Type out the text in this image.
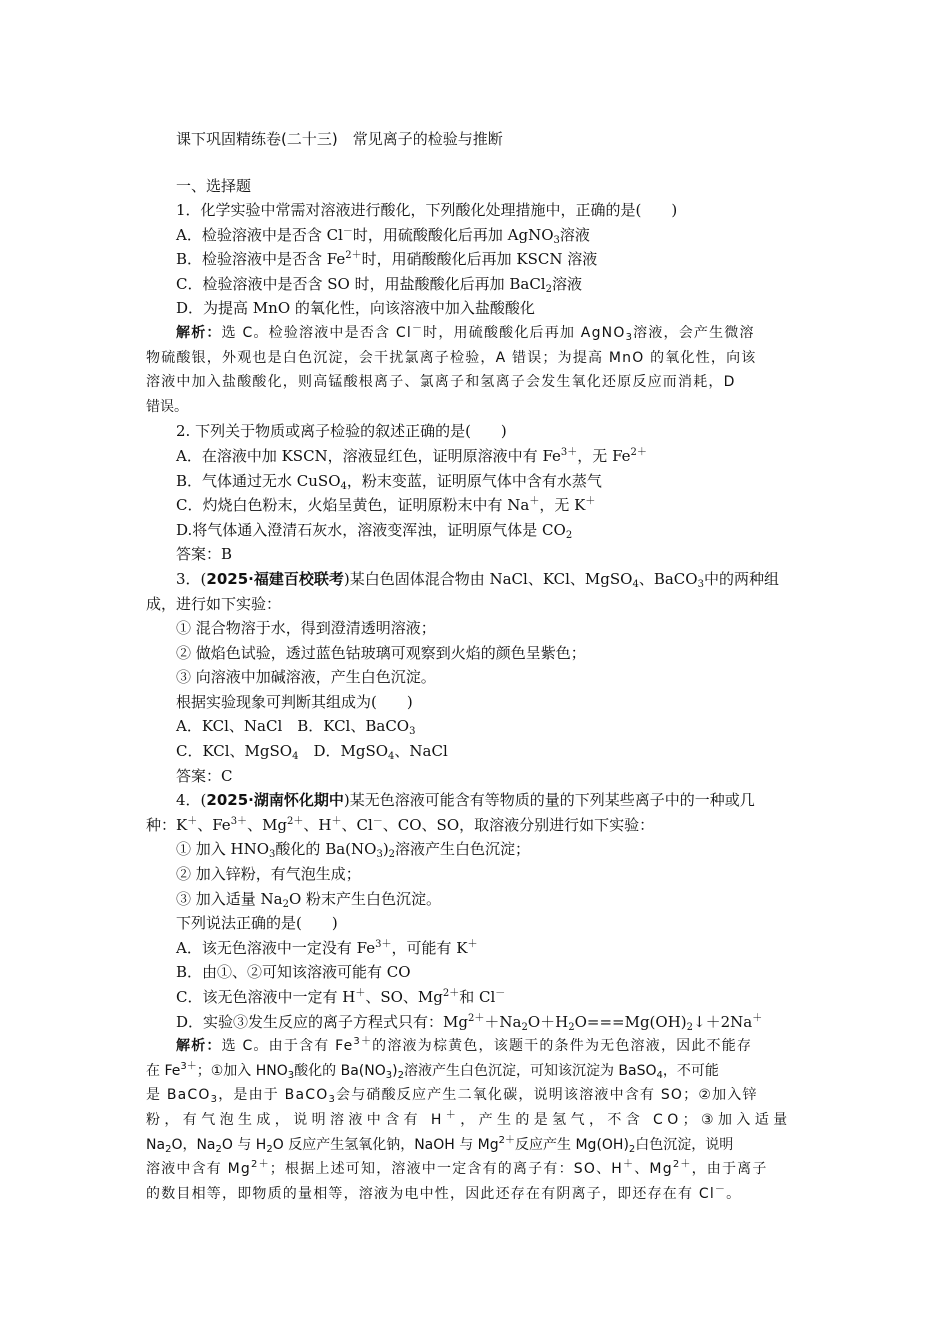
课下巩固精练卷(二十三)　常见离子的检验与推断
一、选择题
1．化学实验中常需对溶液进行酸化，下列酸化处理措施中，正确的是(　　)
A．检验溶液中是否含 Cl－时，用硫酸酸化后再加 AgNO$_3$溶液
B．检验溶液中是否含 $Fe^{2+}$时，用硝酸酸化后再加 KSCN 溶液
C．检验溶液中是否含 SO 时，用盐酸酸化后再加 BaCl$_2$溶液
D．为提高 MnO 的氧化性，向该溶液中加入盐酸酸化
解析：选 C。检验溶液中是否含 Cl－时，用硫酸酸化后再加 AgNO$_3$溶液，会产生微溶
物硫酸银，外观也是白色沉淀，会干扰氯离子检验，A 错误；为提高 MnO 的氧化性，向该
溶液中加入盐酸酸化，则高锰酸根离子、氯离子和氢离子会发生氧化还原反应而消耗，D
错误。
2. 下列关于物质或离子检验的叙述正确的是(　　)
A．在溶液中加 KSCN，溶液显红色，证明原溶液中有 $Fe^{3+}$，无 $Fe^{2+}$
B．气体通过无水 CuSO$_4$，粉末变蓝，证明原气体中含有水蒸气
C．灼烧白色粉末，火焰呈黄色，证明原粉末中有 Na＋，无 K＋
D.将气体通入澄清石灰水，溶液变浑浊，证明原气体是 $CO_2$
答案：B
3．(2025·福建百校联考)某白色固体混合物由 NaCl、KCl、MgSO$_4$、BaCO$_3$中的两种组
成，进行如下实验：
① 混合物溶于水，得到澄清透明溶液；
② 做焰色试验，透过蓝色钴玻璃可观察到火焰的颜色呈紫色；
③ 向溶液中加碱溶液，产生白色沉淀。
根据实验现象可判断其组成为(　　)
A．KCl、NaCl　B．KCl、BaCO$_3$
C．KCl、MgSO$_4$　D．MgSO$_4$、NaCl
答案：C
4．(2025·湖南怀化期中)某无色溶液可能含有等物质的量的下列某些离子中的一种或几
种：K＋、$Fe^{3+}$、$Mg^{2+}$、H＋、Cl－、CO、SO，取溶液分别进行如下实验：
① 加入 $HNO_3$酸化的 $Ba(NO_3)_2$溶液产生白色沉淀；
② 加入锌粉，有气泡生成；
③ 加入适量 $Na_2O$ 粉末产生白色沉淀。
下列说法正确的是(　　)
A．该无色溶液中一定没有 $Fe^{3+}$，可能有 K＋
B．由①、②可知该溶液可能有 CO
C．该无色溶液中一定有 H＋、SO、$Mg^{2+}$和 Cl－
D．实验③发生反应的离子方程式只有：$Mg^{2+}+Na_2O+H_2O===Mg(OH)_2↓+2Na^+$
解析：选 C。由于含有 $Fe^{3+}$的溶液为棕黄色，该题干的条件为无色溶液，因此不能存
在 $Fe^{3+}$；①加入 $HNO_3$酸化的 $Ba(NO_3)_2$溶液产生白色沉淀，可知该沉淀为 BaSO$_4$，不可能
是 BaCO$_3$，是由于 BaCO$_3$会与硝酸反应产生二氧化碳，说明该溶液中含有 SO；②加入锌
粉，有气泡生成，说明溶液中含有 H＋，产生的是氢气，不含 CO；③加入适量
$Na_2O$，$Na_2O$ 与 $H_2O$ 反应产生氢氧化钠，NaOH 与 $Mg^{2+}$反应产生 $Mg(OH)_2$白色沉淀，说明
溶液中含有 $Mg^{2+}$；根据上述可知，溶液中一定含有的离子有：SO、H＋、$Mg^{2+}$，由于离子
的数目相等，即物质的量相等，溶液为电中性，因此还存在有阴离子，即还存在有 Cl－。
